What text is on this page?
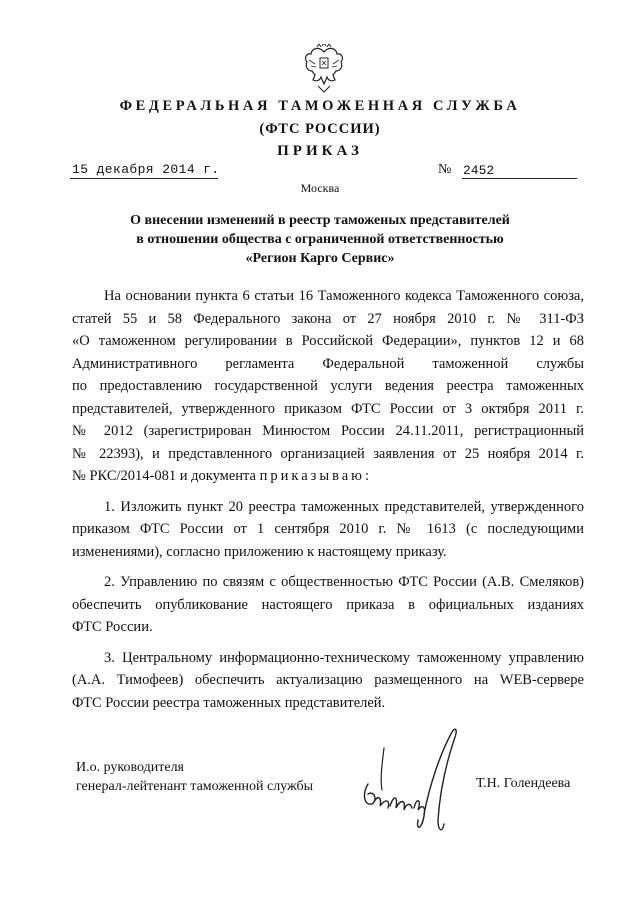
ФЕДЕРАЛЬНАЯ ТАМОЖЕННАЯ СЛУЖБА
(ФТС РОССИИ)
ПРИКАЗ
15 декабря 2014 г.	№ 2452
Москва
О внесении изменений в реестр таможеных представителей
в отношении общества с ограниченной ответственностью
«Регион Карго Сервис»
На основании пункта 6 статьи 16 Таможенного кодекса Таможенного союза,
статей 55 и 58 Федерального закона от 27 ноября 2010 г. № 311-ФЗ
«О таможенном регулировании в Российской Федерации», пунктов 12 и 68
Административного регламента Федеральной таможенной службы
по предоставлению государственной услуги ведения реестра таможенных
представителей, утвержденного приказом ФТС России от 3 октября 2011 г.
№ 2012 (зарегистрирован Минюстом России 24.11.2011, регистрационный
№ 22393), и представленного организацией заявления от 25 ноября 2014 г.
№ РКС/2014-081 и документа приказываю:
1. Изложить пункт 20 реестра таможенных представителей, утвержденного
приказом ФТС России от 1 сентября 2010 г. № 1613 (с последующими
изменениями), согласно приложению к настоящему приказу.
2. Управлению по связям с общественностью ФТС России (А.В. Смеляков)
обеспечить опубликование настоящего приказа в официальных изданиях
ФТС России.
3. Центральному информационно-техническому таможенному управлению
(А.А. Тимофеев) обеспечить актуализацию размещенного на WEB-сервере
ФТС России реестра таможенных представителей.
И.о. руководителя
генерал-лейтенант таможенной службы	Т.Н. Голендеева
